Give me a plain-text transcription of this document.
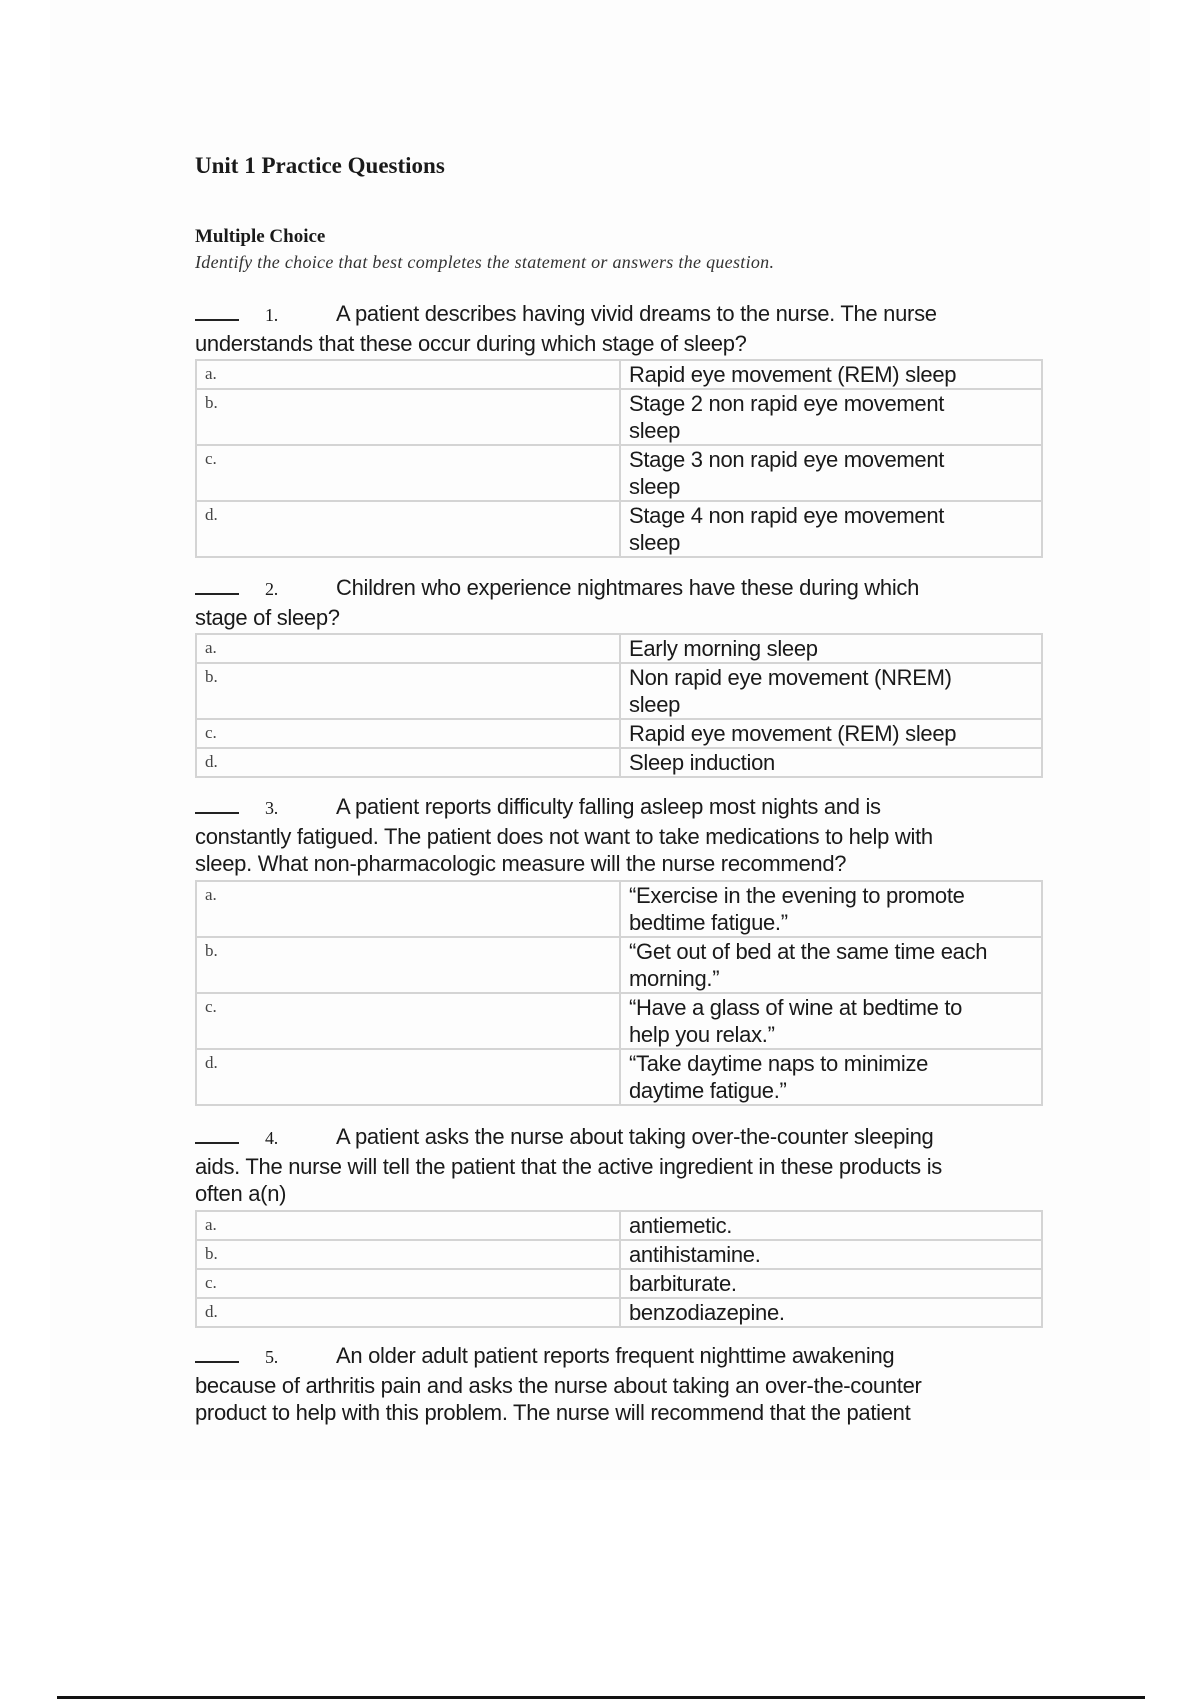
Unit 1 Practice Questions
Multiple Choice
Identify the choice that best completes the statement or answers the question.
1.	A patient describes having vivid dreams to the nurse. The nurse
understands that these occur during which stage of sleep?
a.	Rapid eye movement (REM) sleep
b.	Stage 2 non rapid eye movement
sleep
c.	Stage 3 non rapid eye movement
sleep
d.	Stage 4 non rapid eye movement
sleep
2.	Children who experience nightmares have these during which
stage of sleep?
a.	Early morning sleep
b.	Non rapid eye movement (NREM)
sleep
c.	Rapid eye movement (REM) sleep
d.	Sleep induction
3.	A patient reports difficulty falling asleep most nights and is
constantly fatigued. The patient does not want to take medications to help with
sleep. What non-pharmacologic measure will the nurse recommend?
a.	“Exercise in the evening to promote
bedtime fatigue.”
b.	“Get out of bed at the same time each
morning.”
c.	“Have a glass of wine at bedtime to
help you relax.”
d.	“Take daytime naps to minimize
daytime fatigue.”
4.	A patient asks the nurse about taking over-the-counter sleeping
aids. The nurse will tell the patient that the active ingredient in these products is
often a(n)
a.	antiemetic.
b.	antihistamine.
c.	barbiturate.
d.	benzodiazepine.
5.	An older adult patient reports frequent nighttime awakening
because of arthritis pain and asks the nurse about taking an over-the-counter
product to help with this problem. The nurse will recommend that the patient
